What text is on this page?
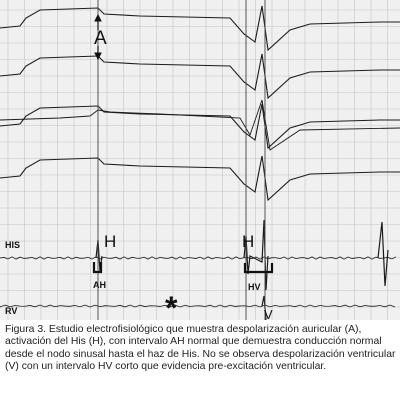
A
H	H
AH	HV
HIS
RV	V
*

Figura 3. Estudio electrofisiológico que muestra despolarización auricular (A), activación del His (H), con intervalo AH normal que demuestra conducción normal desde el nodo sinusal hasta el haz de His. No se observa despolarización ventricular (V) con un intervalo HV corto que evidencia pre-excitación ventricular.
